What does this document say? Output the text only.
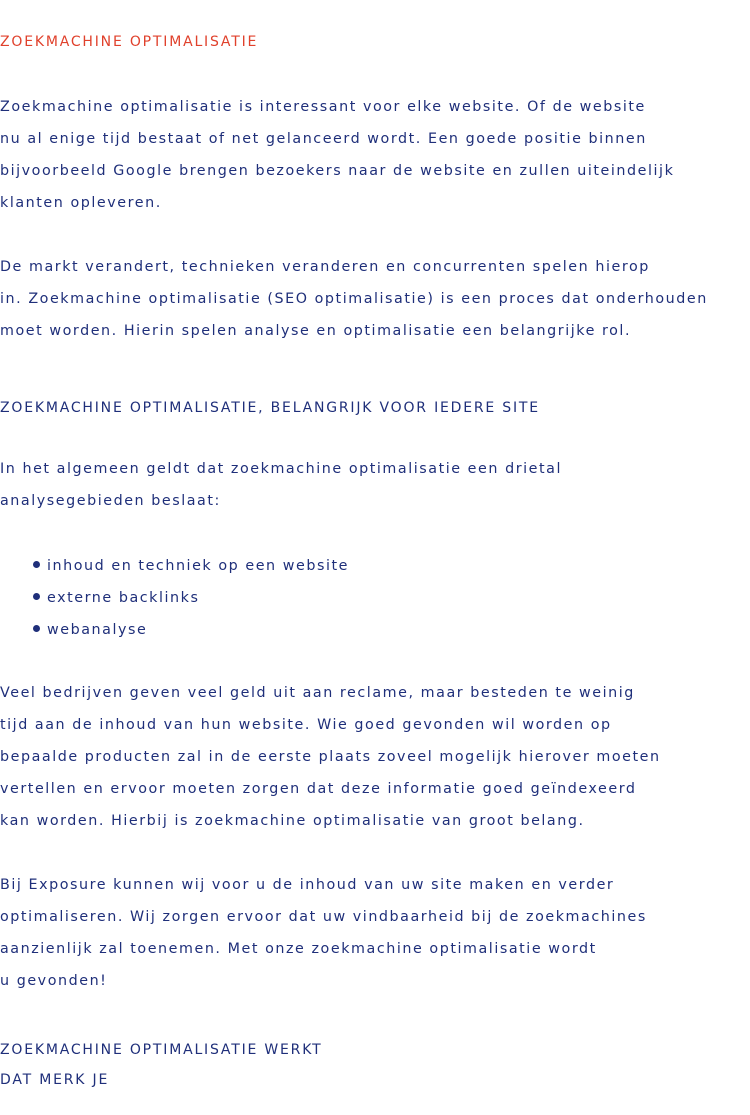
ZOEKMACHINE OPTIMALISATIE

Zoekmachine optimalisatie is interessant voor elke website. Of de website
nu al enige tijd bestaat of net gelanceerd wordt. Een goede positie binnen
bijvoorbeeld Google brengen bezoekers naar de website en zullen uiteindelijk
klanten opleveren.

De markt verandert, technieken veranderen en concurrenten spelen hierop
in. Zoekmachine optimalisatie (SEO optimalisatie) is een proces dat onderhouden
moet worden. Hierin spelen analyse en optimalisatie een belangrijke rol.

ZOEKMACHINE OPTIMALISATIE, BELANGRIJK VOOR IEDERE SITE

In het algemeen geldt dat zoekmachine optimalisatie een drietal
analysegebieden beslaat:

inhoud en techniek op een website
externe backlinks
webanalyse

Veel bedrijven geven veel geld uit aan reclame, maar besteden te weinig
tijd aan de inhoud van hun website. Wie goed gevonden wil worden op
bepaalde producten zal in de eerste plaats zoveel mogelijk hierover moeten
vertellen en ervoor moeten zorgen dat deze informatie goed geïndexeerd
kan worden. Hierbij is zoekmachine optimalisatie van groot belang.

Bij Exposure kunnen wij voor u de inhoud van uw site maken en verder
optimaliseren. Wij zorgen ervoor dat uw vindbaarheid bij de zoekmachines
aanzienlijk zal toenemen. Met onze zoekmachine optimalisatie wordt
u gevonden!

ZOEKMACHINE OPTIMALISATIE WERKT
DAT MERK JE
